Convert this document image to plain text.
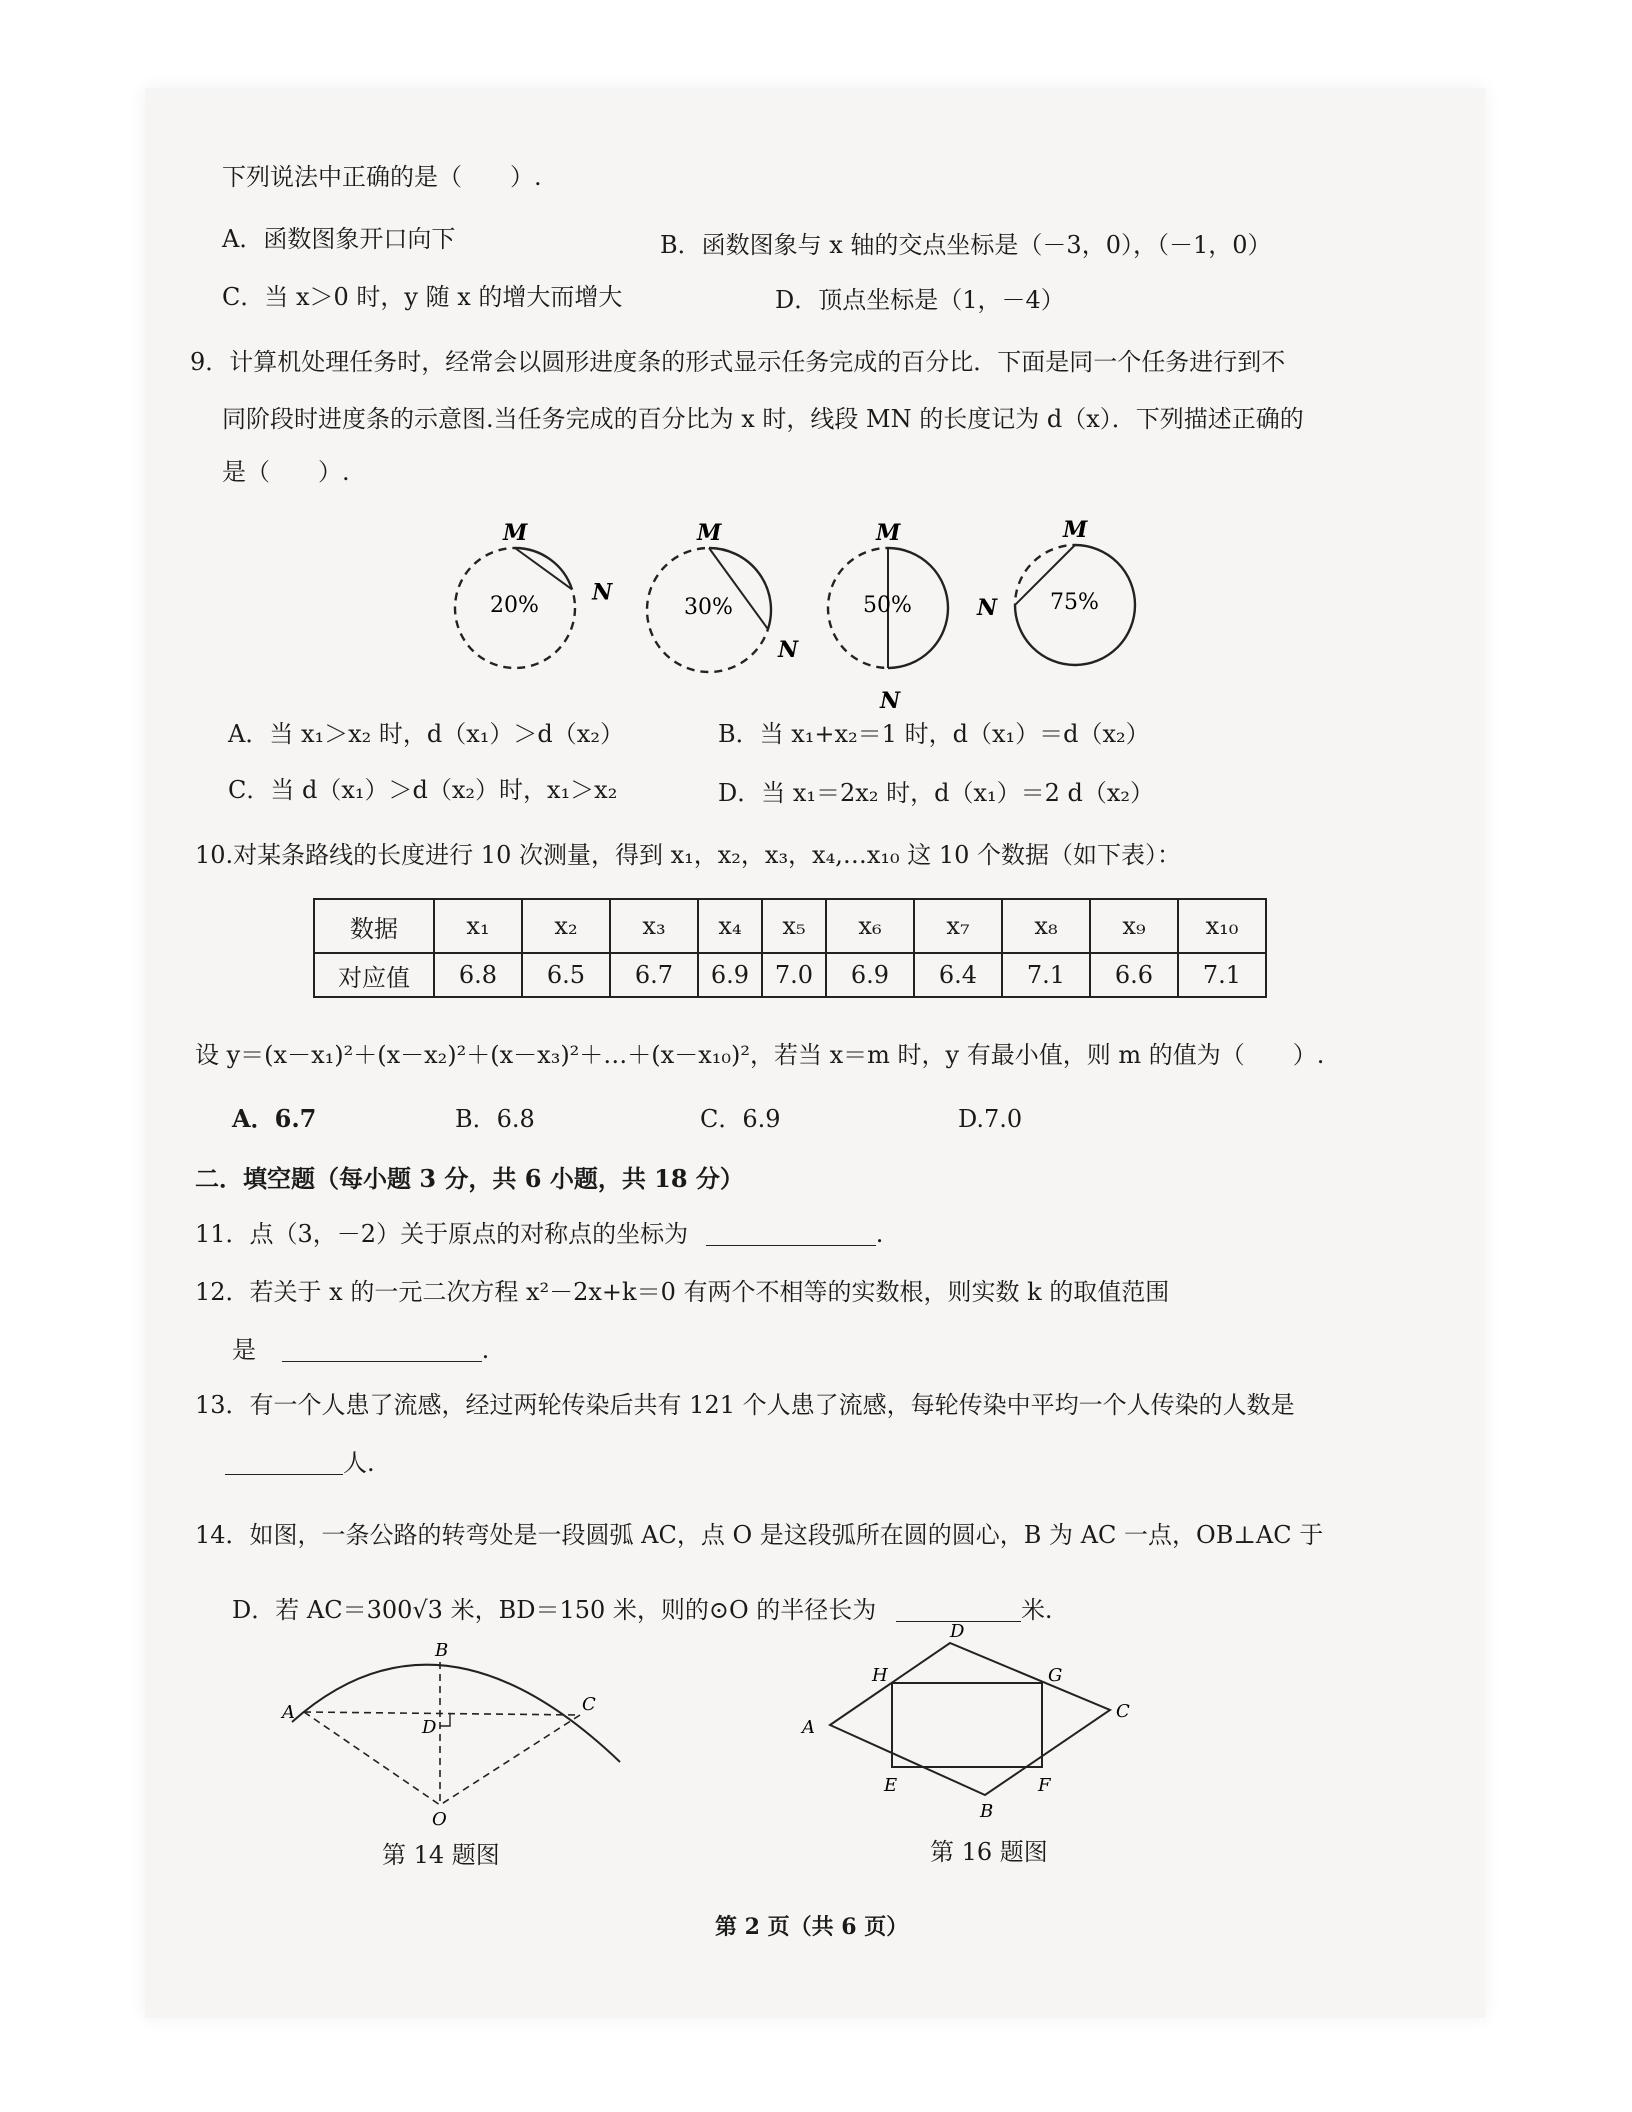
下列说法中正确的是（　　）.
A．函数图象开口向下	B．函数图象与 x 轴的交点坐标是（－3，0），（－1，0）
C．当 x＞0 时，y 随 x 的增大而增大	D．顶点坐标是（1，－4）
9．计算机处理任务时，经常会以圆形进度条的形式显示任务完成的百分比．下面是同一个任务进行到不
同阶段时进度条的示意图.当任务完成的百分比为 x 时，线段 MN 的长度记为 d（x）．下列描述正确的
是（　　）.
20%
M
N
30%
M
N
50%
M
N
75%
M
N
A．当 x₁＞x₂ 时，d（x₁）＞d（x₂）	B．当 x₁+x₂＝1 时，d（x₁）＝d（x₂）
C．当 d（x₁）＞d（x₂）时，x₁＞x₂	D．当 x₁＝2x₂ 时，d（x₁）＝2 d（x₂）
10.对某条路线的长度进行 10 次测量，得到 x₁，x₂，x₃，x₄,…x₁₀ 这 10 个数据（如下表）：
数据	x₁	x₂	x₃	x₄	x₅	x₆	x₇	x₈	x₉	x₁₀
对应值	6.8	6.5	6.7	6.9	7.0	6.9	6.4	7.1	6.6	7.1
设 y＝(x－x₁)²＋(x－x₂)²＋(x－x₃)²＋…＋(x－x₁₀)²，若当 x＝m 时，y 有最小值，则 m 的值为（　　）.
A．6.7	B．6.8	C．6.9	D.7.0
二．填空题（每小题 3 分，共 6 小题，共 18 分）
11．点（3，－2）关于原点的对称点的坐标为	.
12．若关于 x 的一元二次方程 x²－2x+k＝0 有两个不相等的实数根，则实数 k 的取值范围
是	.
13．有一个人患了流感，经过两轮传染后共有 121 个人患了流感，每轮传染中平均一个人传染的人数是
人.
14．如图，一条公路的转弯处是一段圆弧 AC，点 O 是这段弧所在圆的圆心，B 为 AC 一点，OB⊥AC 于
D．若 AC＝300√3 米，BD＝150 米，则的⊙O 的半径长为	米.
B
A
D
C
O
第 14 题图
D
A
C
B
H	G
E	F
第 16 题图
第 2 页（共 6 页）
